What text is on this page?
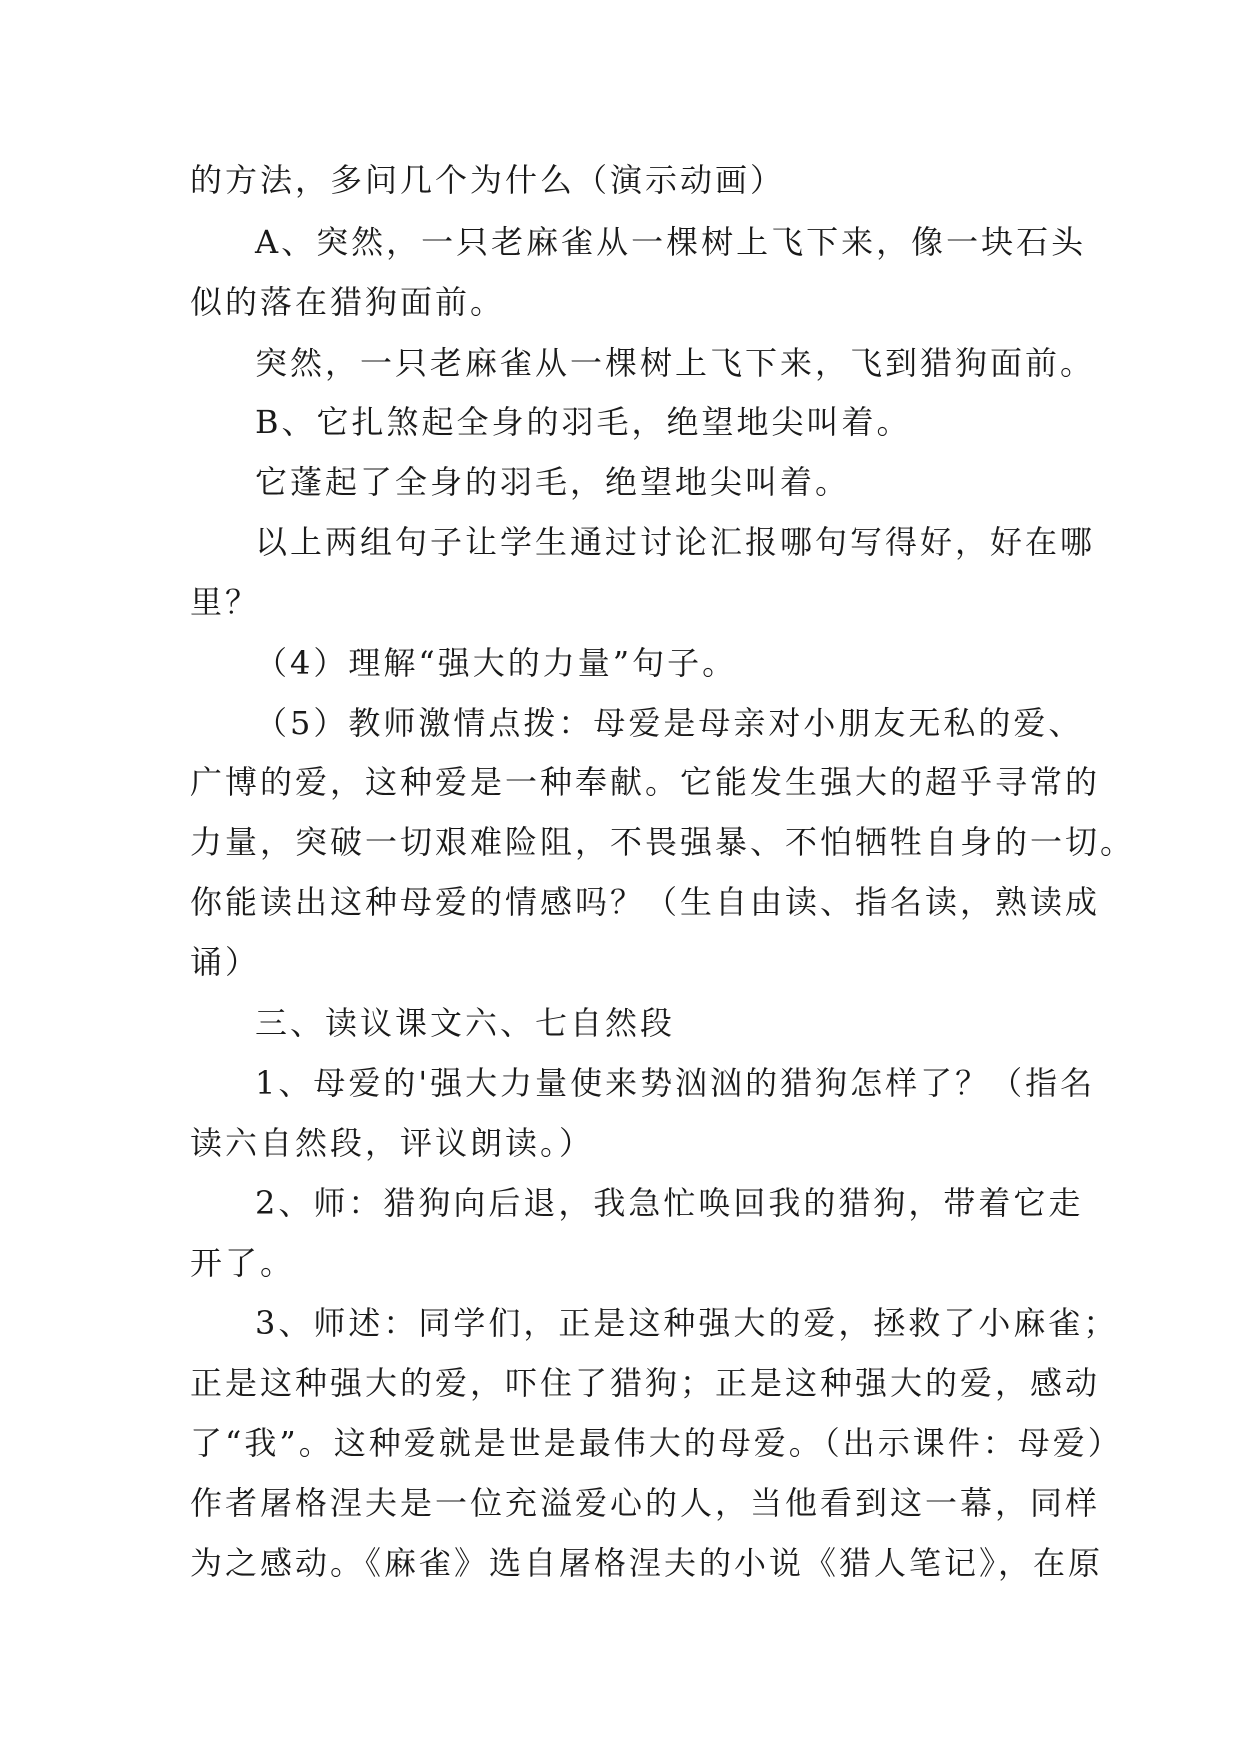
的方法，多问几个为什么（演示动画）
A、突然，一只老麻雀从一棵树上飞下来，像一块石头
似的落在猎狗面前。
突然，一只老麻雀从一棵树上飞下来，飞到猎狗面前。
B、它扎煞起全身的羽毛，绝望地尖叫着。
它蓬起了全身的羽毛，绝望地尖叫着。
以上两组句子让学生通过讨论汇报哪句写得好，好在哪
里？
（4）理解“强大的力量”句子。
（5）教师激情点拨：母爱是母亲对小朋友无私的爱、
广博的爱，这种爱是一种奉献。它能发生强大的超乎寻常的
力量，突破一切艰难险阻，不畏强暴、不怕牺牲自身的一切。
你能读出这种母爱的情感吗？（生自由读、指名读，熟读成
诵）
三、读议课文六、七自然段
1、母爱的'强大力量使来势汹汹的猎狗怎样了？（指名
读六自然段，评议朗读。）
2、师：猎狗向后退，我急忙唤回我的猎狗，带着它走
开了。
3、师述：同学们，正是这种强大的爱，拯救了小麻雀；
正是这种强大的爱，吓住了猎狗；正是这种强大的爱，感动
了“我”。这种爱就是世是最伟大的母爱。（出示课件：母爱）
作者屠格涅夫是一位充溢爱心的人，当他看到这一幕，同样
为之感动。《麻雀》选自屠格涅夫的小说《猎人笔记》，在原
